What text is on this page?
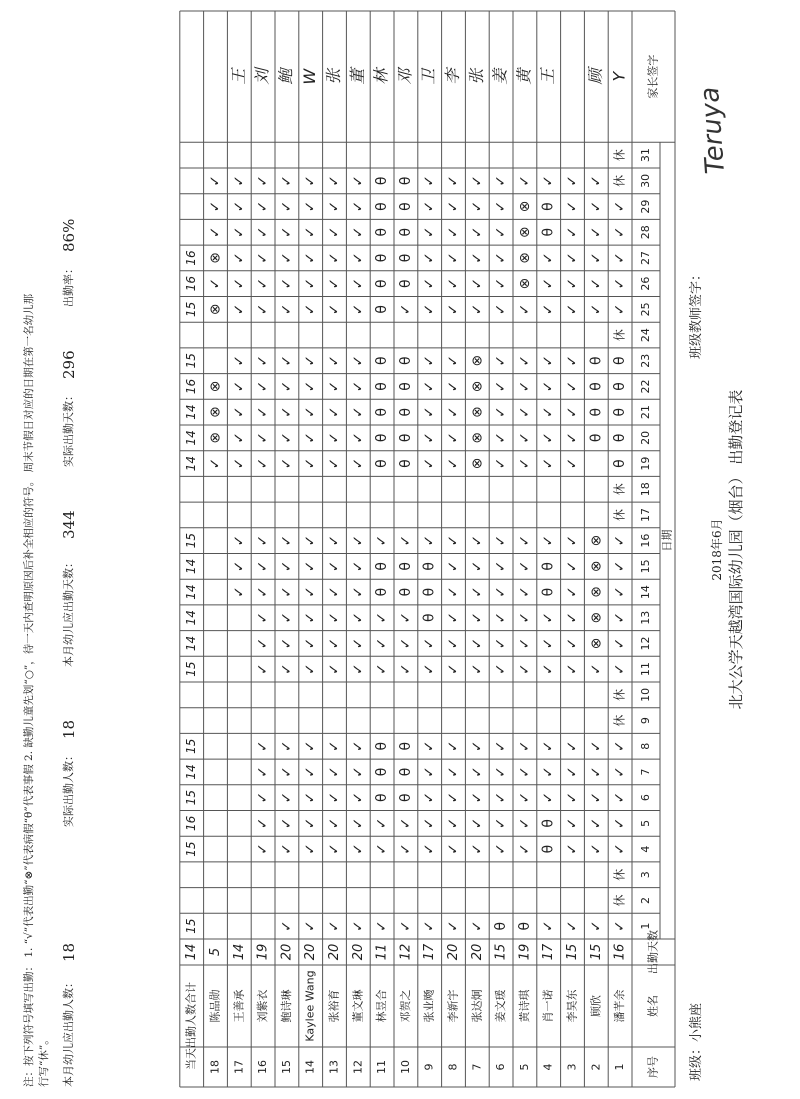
北大公学天越湾国际幼儿园（烟台） 出勤登记表
2018年6月
班级：小熊座
班级教师签字：
Teruya
序号
姓名
出勤天数
日期
家长签字
1
2
3
4
5
6
7
8
9
10
11
12
13
14
15
16
17
18
19
20
21
22
23
24
25
26
27
28
29
30
31
1
潘芊余
16
✓
休
休
✓
✓
✓
✓
✓
休
休
✓
✓
✓
✓
✓
✓
休
休
θ
θ
θ
θ
θ
休
✓
✓
✓
✓
✓
休
休
Y
2
顾欣
15
✓
✓
✓
✓
✓
✓
✓
⊗
⊗
⊗
⊗
⊗
θ
θ
θ
θ
✓
✓
✓
✓
✓
✓
顾
3
李昊东
15
✓
✓
✓
✓
✓
✓
✓
✓
✓
✓
✓
✓
✓
✓
✓
✓
✓
✓
✓
✓
✓
✓
✓
4
肖一诺
17
✓
θ
θ
✓
✓
✓
✓
✓
✓
θ
θ
✓
✓
✓
✓
✓
✓
✓
✓
✓
θ
θ
✓
王
5
黄诗琪
19
θ
✓
✓
✓
✓
✓
✓
✓
✓
✓
✓
✓
✓
✓
✓
✓
✓
✓
⊗
⊗
⊗
⊗
✓
黄
6
姜文瑗
15
θ
✓
✓
✓
✓
✓
✓
✓
✓
✓
✓
✓
✓
✓
✓
✓
✓
✓
✓
✓
✓
✓
✓
姜
7
张达炯
20
✓
✓
✓
✓
✓
✓
✓
✓
✓
✓
✓
✓
⊗
⊗
⊗
⊗
⊗
✓
✓
✓
✓
✓
✓
张
8
李新宇
20
✓
✓
✓
✓
✓
✓
✓
✓
✓
✓
✓
✓
✓
✓
✓
✓
✓
✓
✓
✓
✓
✓
✓
李
9
张业飏
17
✓
✓
✓
✓
✓
✓
✓
✓
θ
θ
θ
✓
✓
✓
✓
✓
✓
✓
✓
✓
✓
✓
✓
卫
10
邓贺之
12
✓
✓
✓
θ
θ
θ
✓
✓
✓
θ
θ
✓
θ
θ
θ
θ
θ
✓
θ
θ
θ
θ
θ
邓
11
林昱合
11
✓
✓
✓
θ
θ
θ
✓
✓
✓
θ
θ
✓
θ
θ
θ
θ
θ
θ
θ
θ
θ
θ
θ
林
12
董文琳
20
✓
✓
✓
✓
✓
✓
✓
✓
✓
✓
✓
✓
✓
✓
✓
✓
✓
✓
✓
✓
✓
✓
✓
董
13
张裕育
20
✓
✓
✓
✓
✓
✓
✓
✓
✓
✓
✓
✓
✓
✓
✓
✓
✓
✓
✓
✓
✓
✓
✓
张
14
Kaylee Wang
20
✓
✓
✓
✓
✓
✓
✓
✓
✓
✓
✓
✓
✓
✓
✓
✓
✓
✓
✓
✓
✓
✓
✓
W
15
鲍诗琳
20
✓
✓
✓
✓
✓
✓
✓
✓
✓
✓
✓
✓
✓
✓
✓
✓
✓
✓
✓
✓
✓
✓
✓
鲍
16
刘紫衣
19
✓
✓
✓
✓
✓
✓
✓
✓
✓
✓
✓
✓
✓
✓
✓
✓
✓
✓
✓
✓
✓
✓
刘
17
王善承
14
✓
✓
✓
✓
✓
✓
✓
✓
✓
✓
✓
✓
✓
✓
王
18
陈品勋
5
✓
⊗
⊗
⊗
⊗
✓
⊗
✓
✓
✓
当天出勤人数合计
14
15
15
16
15
14
15
15
14
14
14
14
15
14
14
14
16
15
15
16
16
本月幼儿应出勤人数：
18
实际出勤人数：
18
本月幼儿应出勤天数：
344
实际出勤天数：
296
出勤率：
86%
注：按下列符号填写出勤： 1. “√”代表出勤“⊗”代表病假“θ”代表事假 2. 缺勤儿童先划“○”，待一天内查明原因后补全相应的符号。 周末节假日对应的日期在第一名幼儿那 行写“休”。
